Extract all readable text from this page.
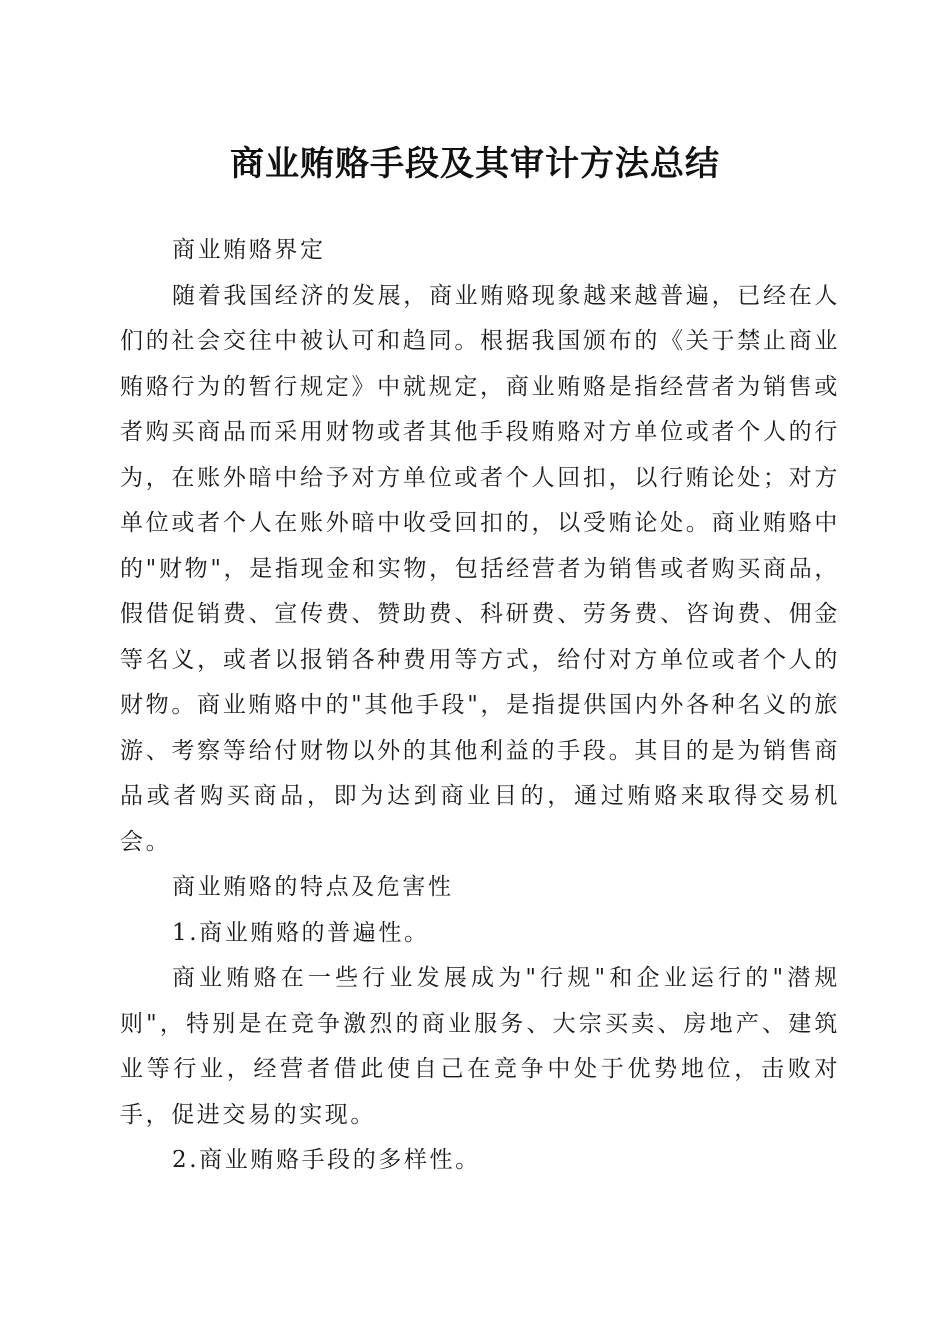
商业贿赂手段及其审计方法总结

商业贿赂界定

随着我国经济的发展，商业贿赂现象越来越普遍，已经在人们的社会交往中被认可和趋同。根据我国颁布的《关于禁止商业贿赂行为的暂行规定》中就规定，商业贿赂是指经营者为销售或者购买商品而采用财物或者其他手段贿赂对方单位或者个人的行为，在账外暗中给予对方单位或者个人回扣，以行贿论处；对方单位或者个人在账外暗中收受回扣的，以受贿论处。商业贿赂中的"财物"，是指现金和实物，包括经营者为销售或者购买商品，假借促销费、宣传费、赞助费、科研费、劳务费、咨询费、佣金等名义，或者以报销各种费用等方式，给付对方单位或者个人的财物。商业贿赂中的"其他手段"，是指提供国内外各种名义的旅游、考察等给付财物以外的其他利益的手段。其目的是为销售商品或者购买商品，即为达到商业目的，通过贿赂来取得交易机会。

商业贿赂的特点及危害性

1.商业贿赂的普遍性。

商业贿赂在一些行业发展成为"行规"和企业运行的"潜规则"，特别是在竞争激烈的商业服务、大宗买卖、房地产、建筑业等行业，经营者借此使自己在竞争中处于优势地位，击败对手，促进交易的实现。

2.商业贿赂手段的多样性。
